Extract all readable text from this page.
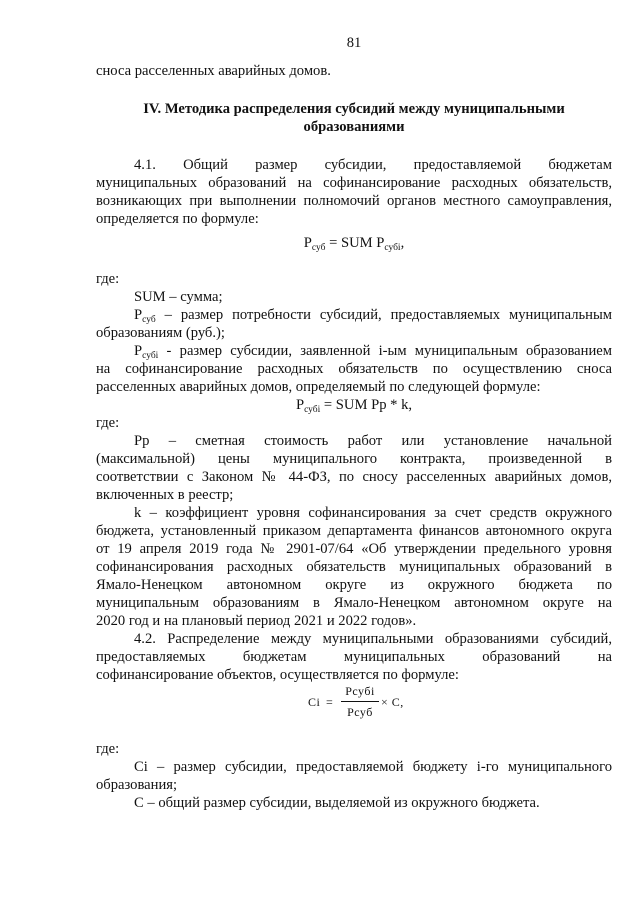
81
сноса расселенных аварийных домов.
IV. Методика распределения субсидий между муниципальными
образованиями
4.1. Общий размер субсидии, предоставляемой бюджетам
муниципальных образований на софинансирование расходных обязательств,
возникающих при выполнении полномочий органов местного самоуправления,
определяется по формуле:
$P_{суб}$ = SUM $P_{субi}$,
где:
SUM – сумма;
$P_{суб}$ – размер потребности субсидий, предоставляемых муниципальным
образованиям (руб.);
$P_{субi}$ - размер субсидии, заявленной i-ым муниципальным образованием
на софинансирование расходных обязательств по осуществлению сноса
расселенных аварийных домов, определяемый по следующей формуле:
$P_{субi}$ = SUM Pp * k,
где:
Pp – сметная стоимость работ или установление начальной
(максимальной) цены муниципального контракта, произведенной в
соответствии с Законом № 44-ФЗ, по сносу расселенных аварийных домов,
включенных в реестр;
k – коэффициент уровня софинансирования за счет средств окружного
бюджета, установленный приказом департамента финансов автономного округа
от 19 апреля 2019 года № 2901-07/64 «Об утверждении предельного уровня
софинансирования расходных обязательств муниципальных образований в
Ямало-Ненецком автономном округе из окружного бюджета по
муниципальным образованиям в Ямало-Ненецком автономном округе на
2020 год и на плановый период 2021 и 2022 годов».
4.2. Распределение между муниципальными образованиями субсидий,
предоставляемых бюджетам муниципальных образований на
софинансирование объектов, осуществляется по формуле:
Ci =
Pсубi
Pсуб
× C,
где:
Ci – размер субсидии, предоставляемой бюджету i-го муниципального
образования;
С – общий размер субсидии, выделяемой из окружного бюджета.
